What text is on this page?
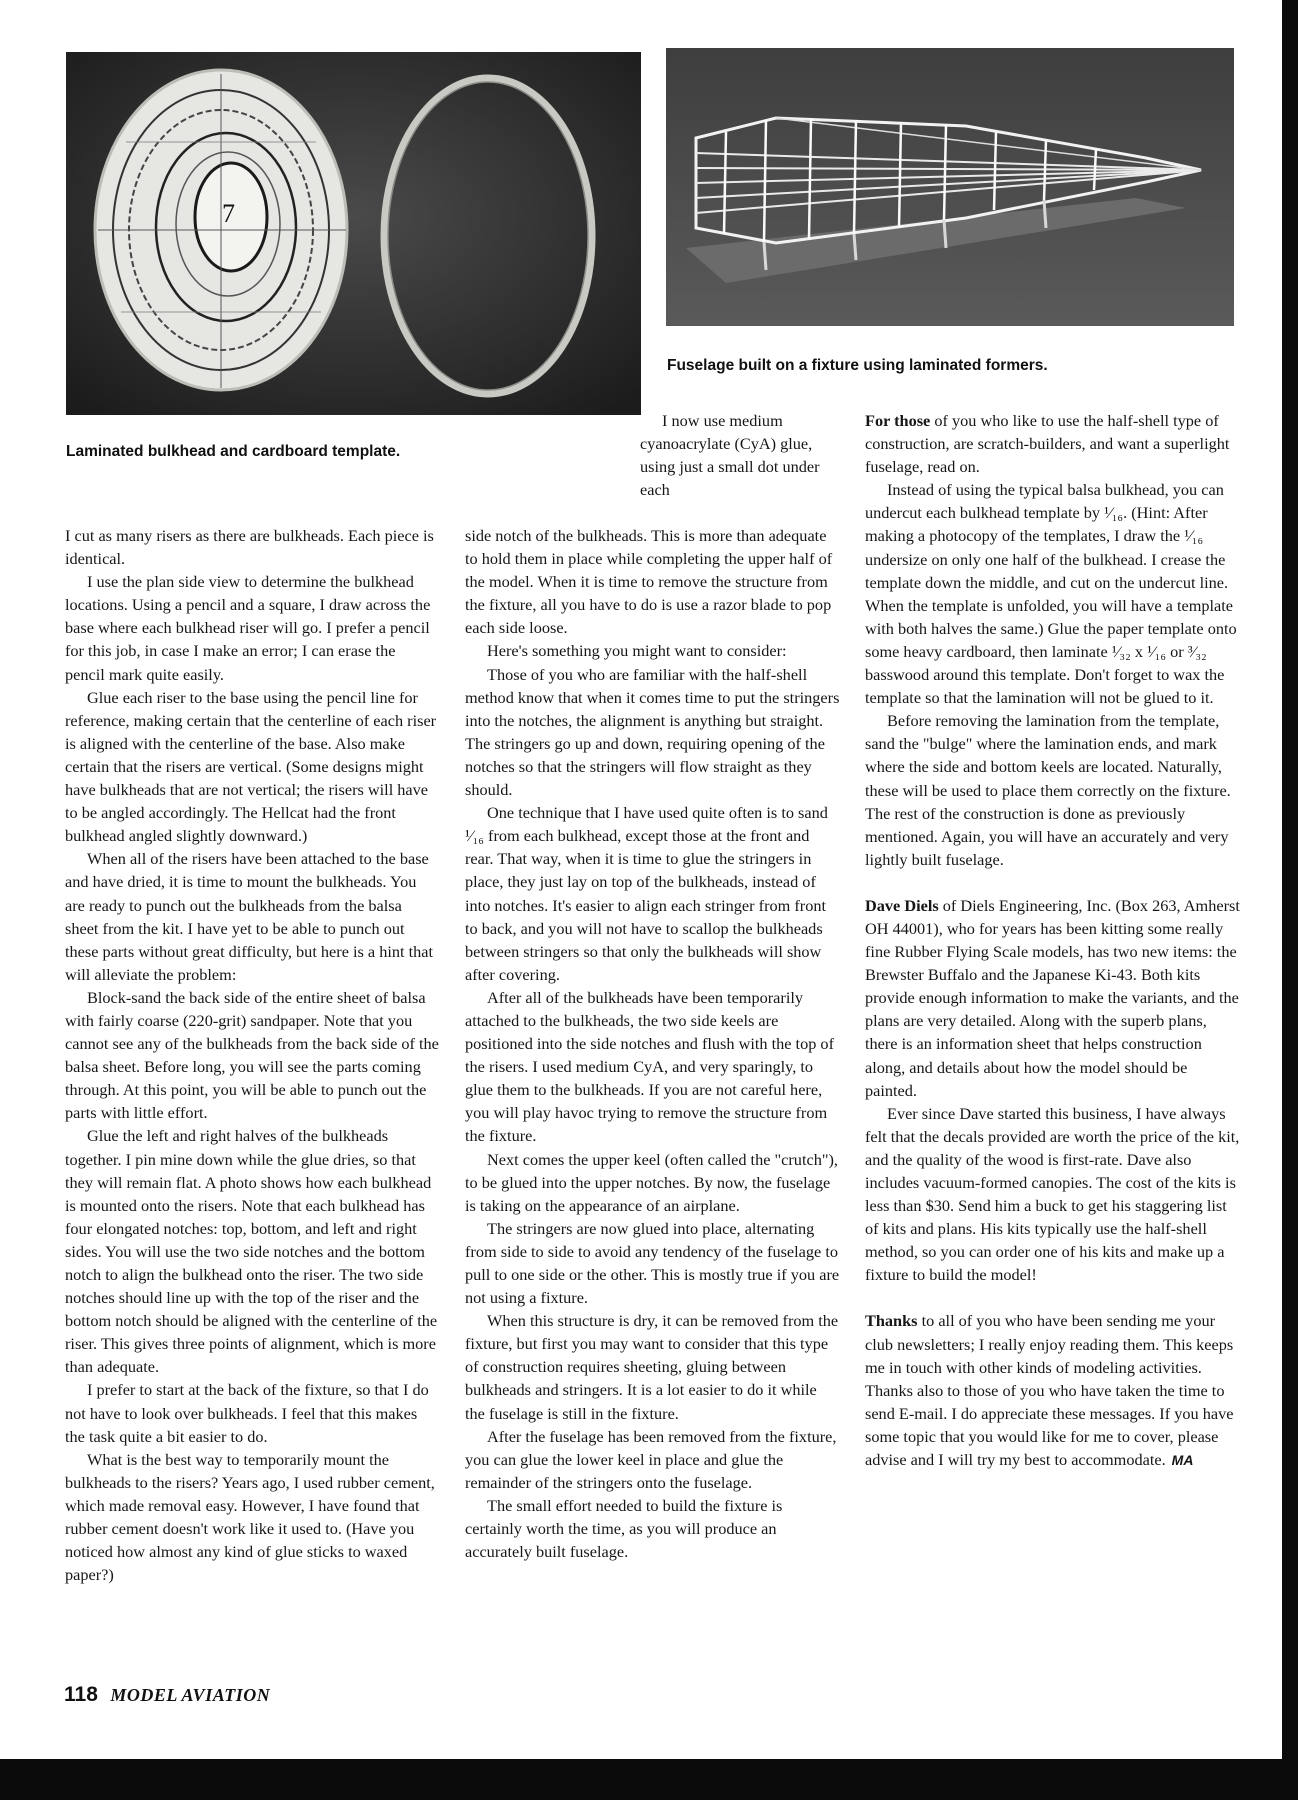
7

Fuselage built on a fixture using laminated formers.

Laminated bulkhead and cardboard template.

I cut as many risers as there are bulkheads. Each piece is identical.

I use the plan side view to determine the bulkhead locations. Using a pencil and a square, I draw across the base where each bulkhead riser will go. I prefer a pencil for this job, in case I make an error; I can erase the pencil mark quite easily.

Glue each riser to the base using the pencil line for reference, making certain that the centerline of each riser is aligned with the centerline of the base. Also make certain that the risers are vertical. (Some designs might have bulkheads that are not vertical; the risers will have to be angled accordingly. The Hellcat had the front bulkhead angled slightly downward.)

When all of the risers have been attached to the base and have dried, it is time to mount the bulkheads. You are ready to punch out the bulkheads from the balsa sheet from the kit. I have yet to be able to punch out these parts without great difficulty, but here is a hint that will alleviate the problem:

Block-sand the back side of the entire sheet of balsa with fairly coarse (220-grit) sandpaper. Note that you cannot see any of the bulkheads from the back side of the balsa sheet. Before long, you will see the parts coming through. At this point, you will be able to punch out the parts with little effort.

Glue the left and right halves of the bulkheads together. I pin mine down while the glue dries, so that they will remain flat. A photo shows how each bulkhead is mounted onto the risers. Note that each bulkhead has four elongated notches: top, bottom, and left and right sides. You will use the two side notches and the bottom notch to align the bulkhead onto the riser. The two side notches should line up with the top of the riser and the bottom notch should be aligned with the centerline of the riser. This gives three points of alignment, which is more than adequate.

I prefer to start at the back of the fixture, so that I do not have to look over bulkheads. I feel that this makes the task quite a bit easier to do.

What is the best way to temporarily mount the bulkheads to the risers? Years ago, I used rubber cement, which made removal easy. However, I have found that rubber cement doesn't work like it used to. (Have you noticed how almost any kind of glue sticks to waxed paper?)

I now use medium cyanoacrylate (CyA) glue, using just a small dot under each

side notch of the bulkheads. This is more than adequate to hold them in place while completing the upper half of the model. When it is time to remove the structure from the fixture, all you have to do is use a razor blade to pop each side loose.

Here's something you might want to consider:

Those of you who are familiar with the half-shell method know that when it comes time to put the stringers into the notches, the alignment is anything but straight. The stringers go up and down, requiring opening of the notches so that the stringers will flow straight as they should.

One technique that I have used quite often is to sand ¹⁄₁₆ from each bulkhead, except those at the front and rear. That way, when it is time to glue the stringers in place, they just lay on top of the bulkheads, instead of into notches. It's easier to align each stringer from front to back, and you will not have to scallop the bulkheads between stringers so that only the bulkheads will show after covering.

After all of the bulkheads have been temporarily attached to the bulkheads, the two side keels are positioned into the side notches and flush with the top of the risers. I used medium CyA, and very sparingly, to glue them to the bulkheads. If you are not careful here, you will play havoc trying to remove the structure from the fixture.

Next comes the upper keel (often called the "crutch"), to be glued into the upper notches. By now, the fuselage is taking on the appearance of an airplane.

The stringers are now glued into place, alternating from side to side to avoid any tendency of the fuselage to pull to one side or the other. This is mostly true if you are not using a fixture.

When this structure is dry, it can be removed from the fixture, but first you may want to consider that this type of construction requires sheeting, gluing between bulkheads and stringers. It is a lot easier to do it while the fuselage is still in the fixture.

After the fuselage has been removed from the fixture, you can glue the lower keel in place and glue the remainder of the stringers onto the fuselage.

The small effort needed to build the fixture is certainly worth the time, as you will produce an accurately built fuselage.

For those of you who like to use the half-shell type of construction, are scratch-builders, and want a superlight fuselage, read on.

Instead of using the typical balsa bulkhead, you can undercut each bulkhead template by ¹⁄₁₆. (Hint: After making a photocopy of the templates, I draw the ¹⁄₁₆ undersize on only one half of the bulkhead. I crease the template down the middle, and cut on the undercut line. When the template is unfolded, you will have a template with both halves the same.) Glue the paper template onto some heavy cardboard, then laminate ¹⁄₃₂ x ¹⁄₁₆ or ³⁄₃₂ basswood around this template. Don't forget to wax the template so that the lamination will not be glued to it.

Before removing the lamination from the template, sand the "bulge" where the lamination ends, and mark where the side and bottom keels are located. Naturally, these will be used to place them correctly on the fixture. The rest of the construction is done as previously mentioned. Again, you will have an accurately and very lightly built fuselage.

Dave Diels of Diels Engineering, Inc. (Box 263, Amherst OH 44001), who for years has been kitting some really fine Rubber Flying Scale models, has two new items: the Brewster Buffalo and the Japanese Ki-43. Both kits provide enough information to make the variants, and the plans are very detailed. Along with the superb plans, there is an information sheet that helps construction along, and details about how the model should be painted.

Ever since Dave started this business, I have always felt that the decals provided are worth the price of the kit, and the quality of the wood is first-rate. Dave also includes vacuum-formed canopies. The cost of the kits is less than $30. Send him a buck to get his staggering list of kits and plans. His kits typically use the half-shell method, so you can order one of his kits and make up a fixture to build the model!

Thanks to all of you who have been sending me your club newsletters; I really enjoy reading them. This keeps me in touch with other kinds of modeling activities. Thanks also to those of you who have taken the time to send E-mail. I do appreciate these messages. If you have some topic that you would like for me to cover, please advise and I will try my best to accommodate. MA

118 MODEL AVIATION
